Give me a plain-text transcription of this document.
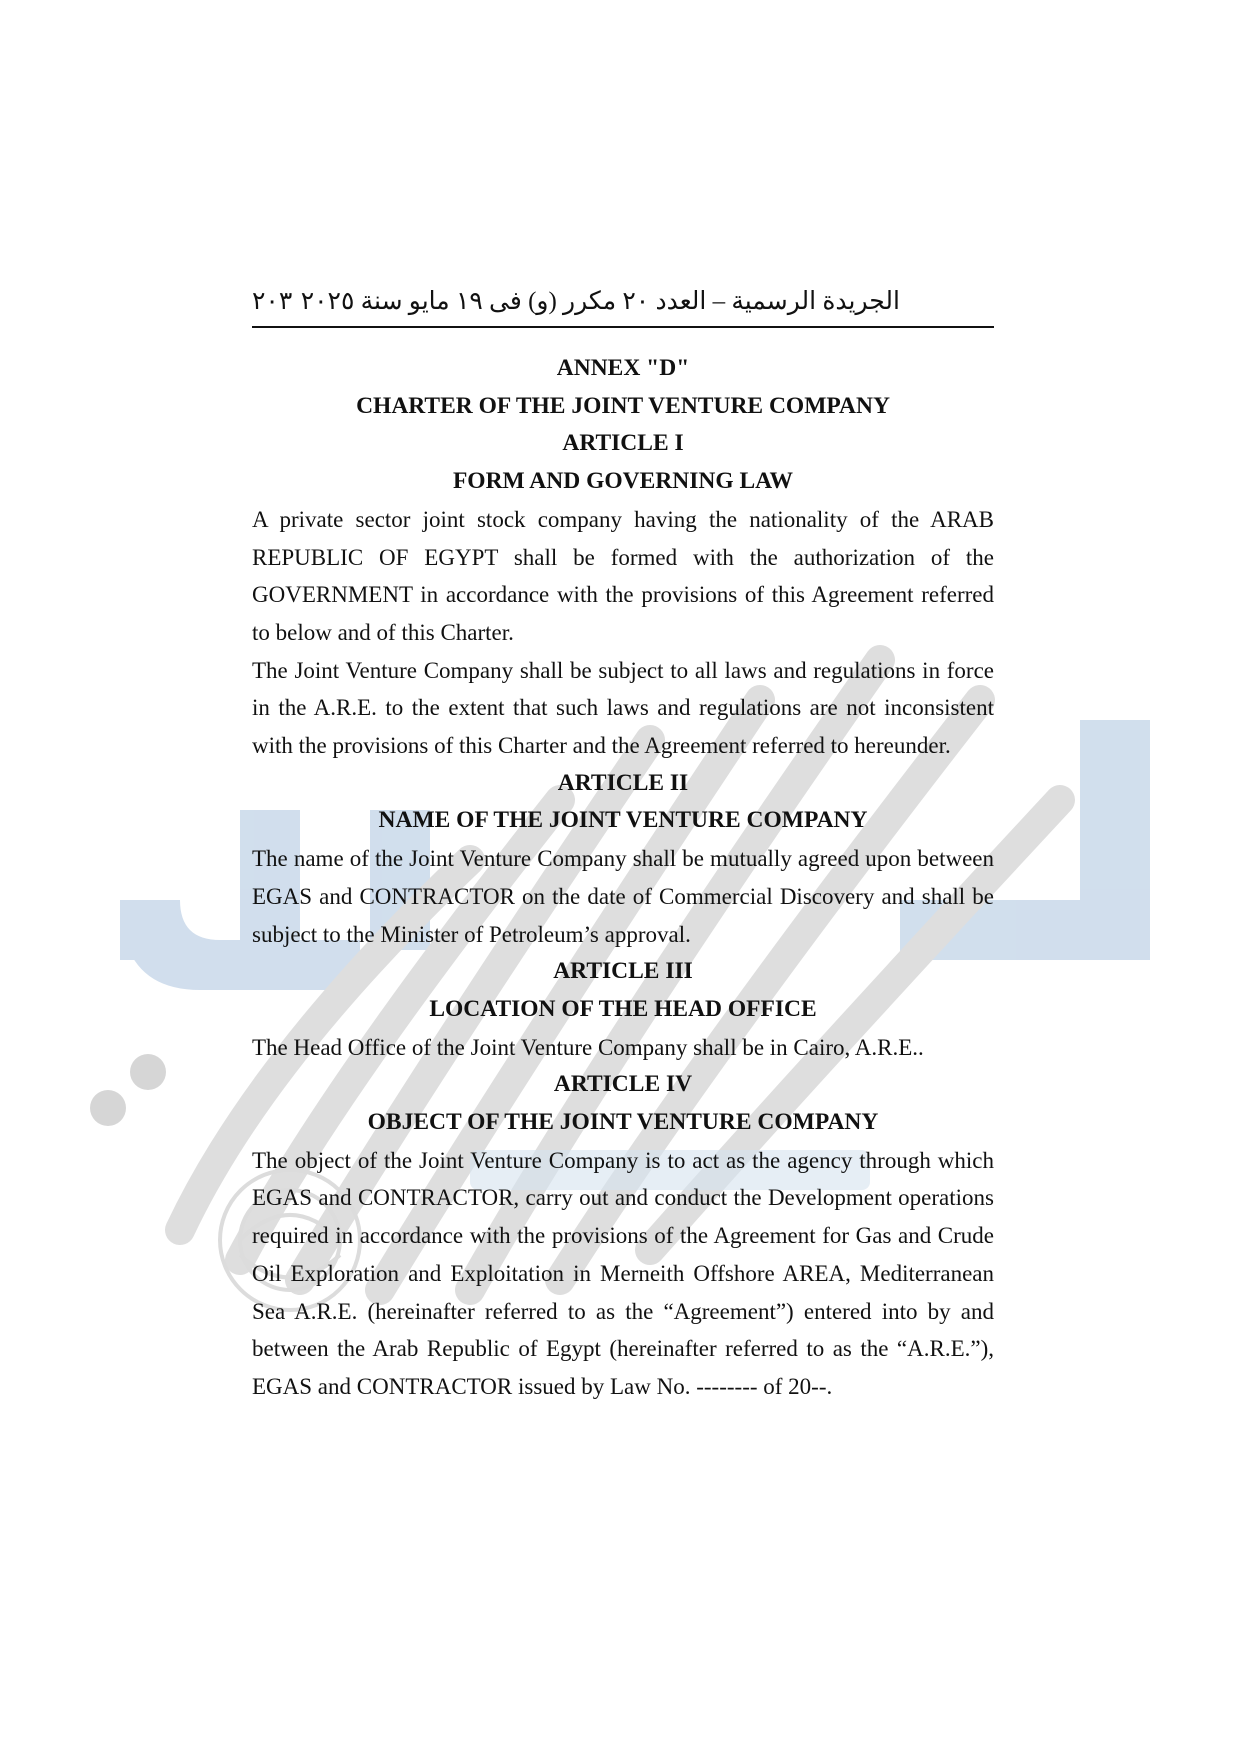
الجريدة الرسمية – العدد ٢٠ مكرر (و) فى ١٩ مايو سنة ٢٠٢٥
٢٠٣
ANNEX "D"
CHARTER OF THE JOINT VENTURE COMPANY
ARTICLE I
FORM AND GOVERNING LAW

A private sector joint stock company having the nationality of the ARAB REPUBLIC OF EGYPT shall be formed with the authorization of the GOVERNMENT in accordance with the provisions of this Agreement referred to below and of this Charter.

The Joint Venture Company shall be subject to all laws and regulations in force in the A.R.E. to the extent that such laws and regulations are not inconsistent with the provisions of this Charter and the Agreement referred to hereunder.

ARTICLE II
NAME OF THE JOINT VENTURE COMPANY

The name of the Joint Venture Company shall be mutually agreed upon between EGAS and CONTRACTOR on the date of Commercial Discovery and shall be subject to the Minister of Petroleum’s approval.

ARTICLE III
LOCATION OF THE HEAD OFFICE

The Head Office of the Joint Venture Company shall be in Cairo, A.R.E..

ARTICLE IV
OBJECT OF THE JOINT VENTURE COMPANY

The object of the Joint Venture Company is to act as the agency through which EGAS and CONTRACTOR, carry out and conduct the Development operations required in accordance with the provisions of the Agreement for Gas and Crude Oil Exploration and Exploitation in Merneith Offshore AREA, Mediterranean Sea A.R.E. (hereinafter referred to as the “Agreement”) entered into by and between the Arab Republic of Egypt (hereinafter referred to as the “A.R.E.”), EGAS and CONTRACTOR issued by Law No. -------- of 20--.
